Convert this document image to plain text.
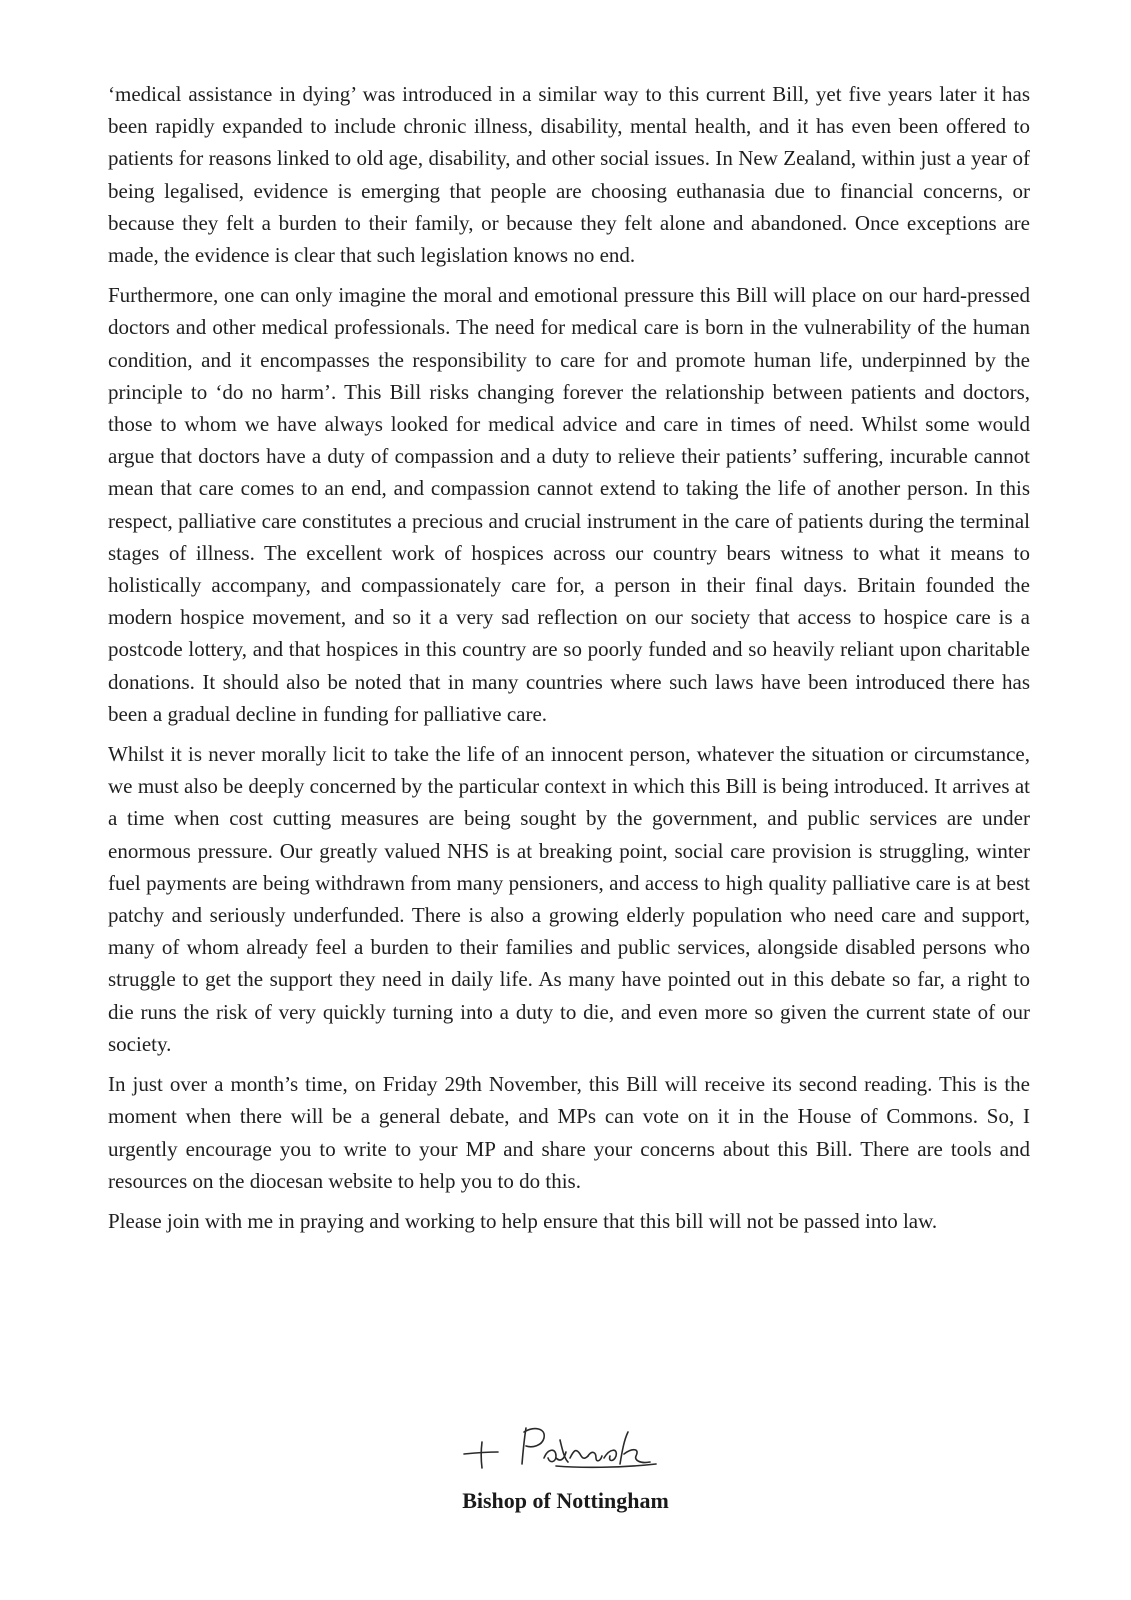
‘medical assistance in dying’ was introduced in a similar way to this current Bill, yet five years later it has been rapidly expanded to include chronic illness, disability, mental health, and it has even been offered to patients for reasons linked to old age, disability, and other social issues. In New Zealand, within just a year of being legalised, evidence is emerging that people are choosing euthanasia due to financial concerns, or because they felt a burden to their family, or because they felt alone and abandoned. Once exceptions are made, the evidence is clear that such legislation knows no end.

Furthermore, one can only imagine the moral and emotional pressure this Bill will place on our hard-pressed doctors and other medical professionals. The need for medical care is born in the vulnerability of the human condition, and it encompasses the responsibility to care for and promote human life, underpinned by the principle to ‘do no harm’. This Bill risks changing forever the relationship between patients and doctors, those to whom we have always looked for medical advice and care in times of need. Whilst some would argue that doctors have a duty of compassion and a duty to relieve their patients’ suffering, incurable cannot mean that care comes to an end, and compassion cannot extend to taking the life of another person. In this respect, palliative care constitutes a precious and crucial instrument in the care of patients during the terminal stages of illness. The excellent work of hospices across our country bears witness to what it means to holistically accompany, and compassionately care for, a person in their final days. Britain founded the modern hospice movement, and so it a very sad reflection on our society that access to hospice care is a postcode lottery, and that hospices in this country are so poorly funded and so heavily reliant upon charitable donations. It should also be noted that in many countries where such laws have been introduced there has been a gradual decline in funding for palliative care.

Whilst it is never morally licit to take the life of an innocent person, whatever the situation or circumstance, we must also be deeply concerned by the particular context in which this Bill is being introduced. It arrives at a time when cost cutting measures are being sought by the government, and public services are under enormous pressure. Our greatly valued NHS is at breaking point, social care provision is struggling, winter fuel payments are being withdrawn from many pensioners, and access to high quality palliative care is at best patchy and seriously underfunded. There is also a growing elderly population who need care and support, many of whom already feel a burden to their families and public services, alongside disabled persons who struggle to get the support they need in daily life. As many have pointed out in this debate so far, a right to die runs the risk of very quickly turning into a duty to die, and even more so given the current state of our society.

In just over a month’s time, on Friday 29th November, this Bill will receive its second reading. This is the moment when there will be a general debate, and MPs can vote on it in the House of Commons. So, I urgently encourage you to write to your MP and share your concerns about this Bill. There are tools and resources on the diocesan website to help you to do this.

Please join with me in praying and working to help ensure that this bill will not be passed into law.

Bishop of Nottingham
